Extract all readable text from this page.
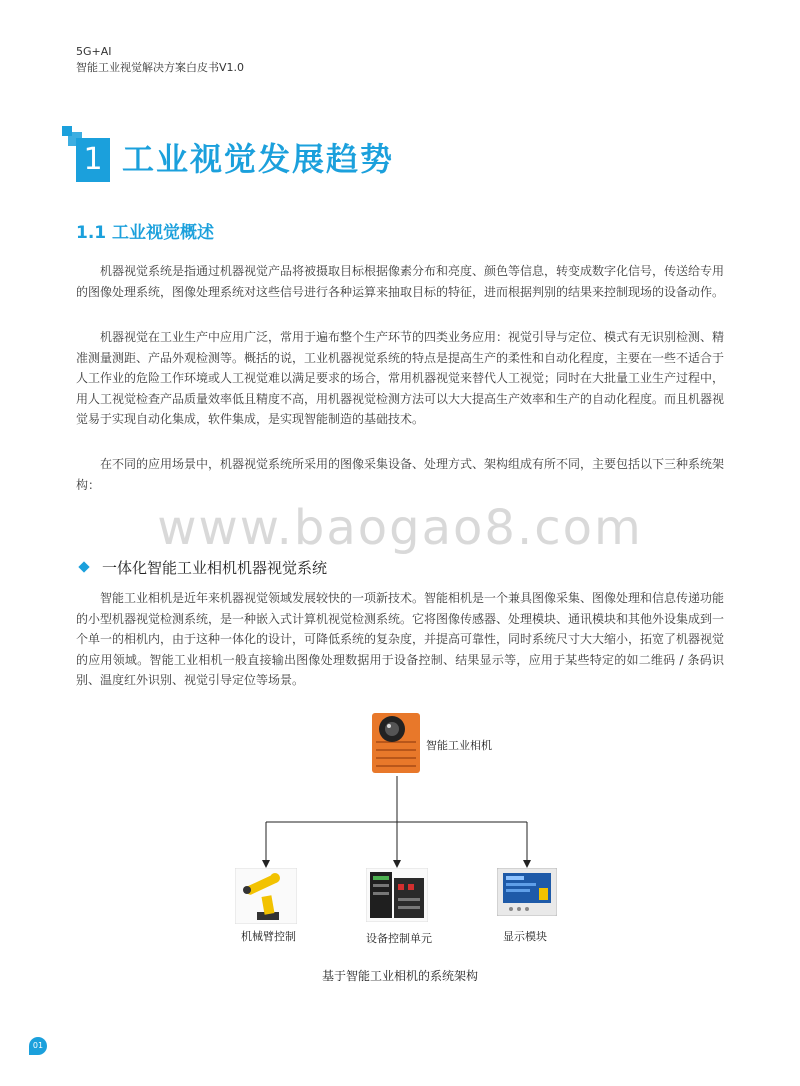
5G+AI
智能工业视觉解决方案白皮书V1.0
1 工业视觉发展趋势
1.1 工业视觉概述

机器视觉系统是指通过机器视觉产品将被摄取目标根据像素分布和亮度、颜色等信息，转变成数字化信号，传送给专用的图像处理系统，图像处理系统对这些信号进行各种运算来抽取目标的特征，进而根据判别的结果来控制现场的设备动作。

机器视觉在工业生产中应用广泛，常用于遍布整个生产环节的四类业务应用：视觉引导与定位、模式有无识别检测、精准测量测距、产品外观检测等。概括的说，工业机器视觉系统的特点是提高生产的柔性和自动化程度，主要在一些不适合于人工作业的危险工作环境或人工视觉难以满足要求的场合，常用机器视觉来替代人工视觉；同时在大批量工业生产过程中，用人工视觉检查产品质量效率低且精度不高，用机器视觉检测方法可以大大提高生产效率和生产的自动化程度。而且机器视觉易于实现自动化集成，软件集成，是实现智能制造的基础技术。

在不同的应用场景中，机器视觉系统所采用的图像采集设备、处理方式、架构组成有所不同，主要包括以下三种系统架构：

www.baogao8.com
一体化智能工业相机机器视觉系统

智能工业相机是近年来机器视觉领域发展较快的一项新技术。智能相机是一个兼具图像采集、图像处理和信息传递功能的小型机器视觉检测系统，是一种嵌入式计算机视觉检测系统。它将图像传感器、处理模块、通讯模块和其他外设集成到一个单一的相机内，由于这种一体化的设计，可降低系统的复杂度，并提高可靠性，同时系统尺寸大大缩小，拓宽了机器视觉的应用领域。智能工业相机一般直接输出图像处理数据用于设备控制、结果显示等，应用于某些特定的如二维码 / 条码识别、温度红外识别、视觉引导定位等场景。

智能工业相机
机械臂控制	设备控制单元	显示模块
基于智能工业相机的系统架构
01
